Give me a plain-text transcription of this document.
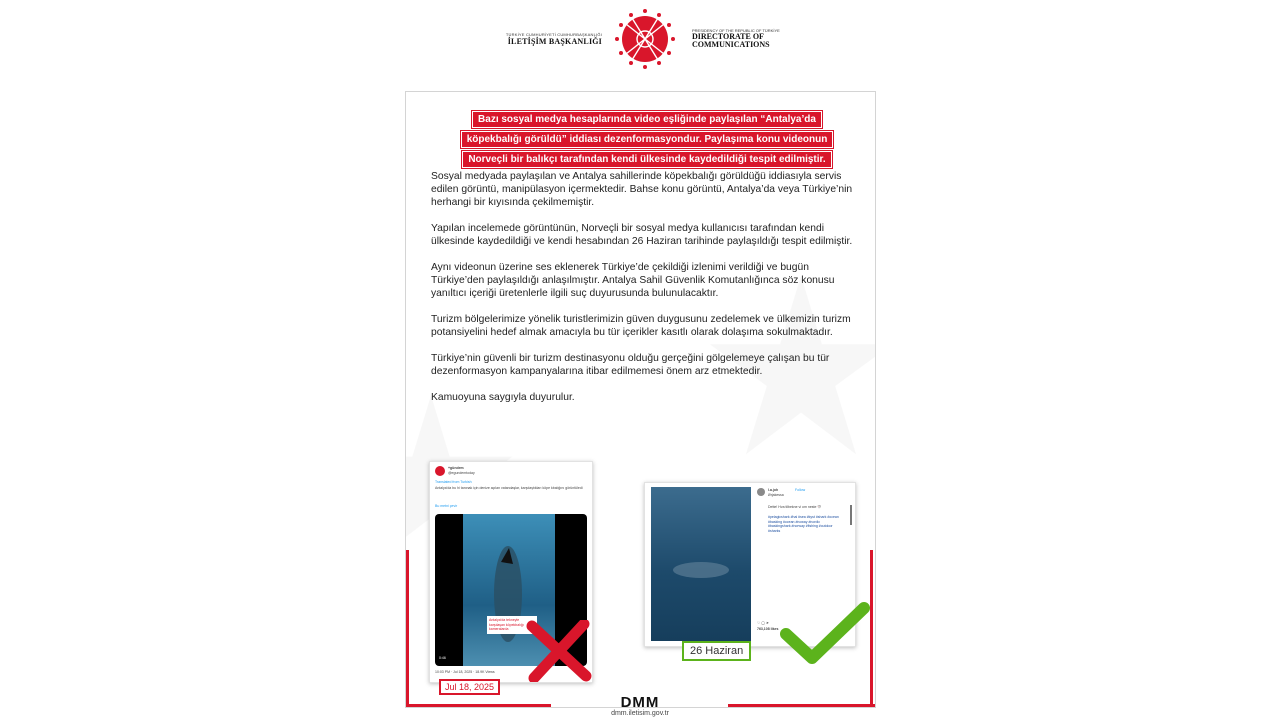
TÜRKİYE CUMHURİYETİ CUMHURBAŞKANLIĞI
İLETİŞİM BAŞKANLIĞI
PRESIDENCY OF THE REPUBLIC OF TÜRKİYE
DIRECTORATE OF
COMMUNICATIONS
Bazı sosyal medya hesaplarında video eşliğinde paylaşılan “Antalya’da
köpekbalığı görüldü” iddiası dezenformasyondur. Paylaşıma konu videonun
Norveçli bir balıkçı tarafından kendi ülkesinde kaydedildiği tespit edilmiştir.

Sosyal medyada paylaşılan ve Antalya sahillerinde köpekbalığı görüldüğü iddiasıyla servis edilen görüntü, manipülasyon içermektedir. Bahse konu görüntü, Antalya’da veya Türkiye’nin herhangi bir kıyısında çekilmemiştir.

Yapılan incelemede görüntünün, Norveçli bir sosyal medya kullanıcısı tarafından kendi ülkesinde kaydedildiği ve kendi hesabından 26 Haziran tarihinde paylaşıldığı tespit edilmiştir.

Aynı videonun üzerine ses eklenerek Türkiye’de çekildiği izlenimi verildiği ve bugün Türkiye’den paylaşıldığı anlaşılmıştır. Antalya Sahil Güvenlik Komutanlığınca söz konusu yanıltıcı içeriği üretenlerle ilgili suç duyurusunda bulunulacaktır.

Turizm bölgelerimize yönelik turistlerimizin güven duygusunu zedelemek ve ülkemizin turizm potansiyelini hedef almak amacıyla bu tür içerikler kasıtlı olarak dolaşıma sokulmaktadır.

Türkiye’nin güvenli bir turizm destinasyonu olduğu gerçeğini gölgelemeye çalışan bu tür dezenformasyon kampanyalarına itibar edilmemesi önem arz etmektedir.

Kamuoyuna saygıyla duyurulur.

+gündem
@egundemtoday
Translated from Turkish
Antalya'da bu hi tanınak için denize açılan vatandaşlar, karşılaştıkları köpe kbalığını görüntüledi
Bu metni çevir
Antalya'da tekneyle karşılaşan köpekbalığı kameralarda
0:46
10:03 PM · Jul 18, 2025 · 18.9K Views
Jul 18, 2025
l.a.joh	Follow
Ørjakessa
Dette! Hva tilbekne vi om neste 🦈
#pelagicshark #hai #sea #kyst #shark #ocean #basking #ocean #noway #nordic #baskingshark #norway #fishing #outdoor #sharks
♡ ◯ ➤
763,108 likes
26 Haziran
DMM
dmm.iletisim.gov.tr
